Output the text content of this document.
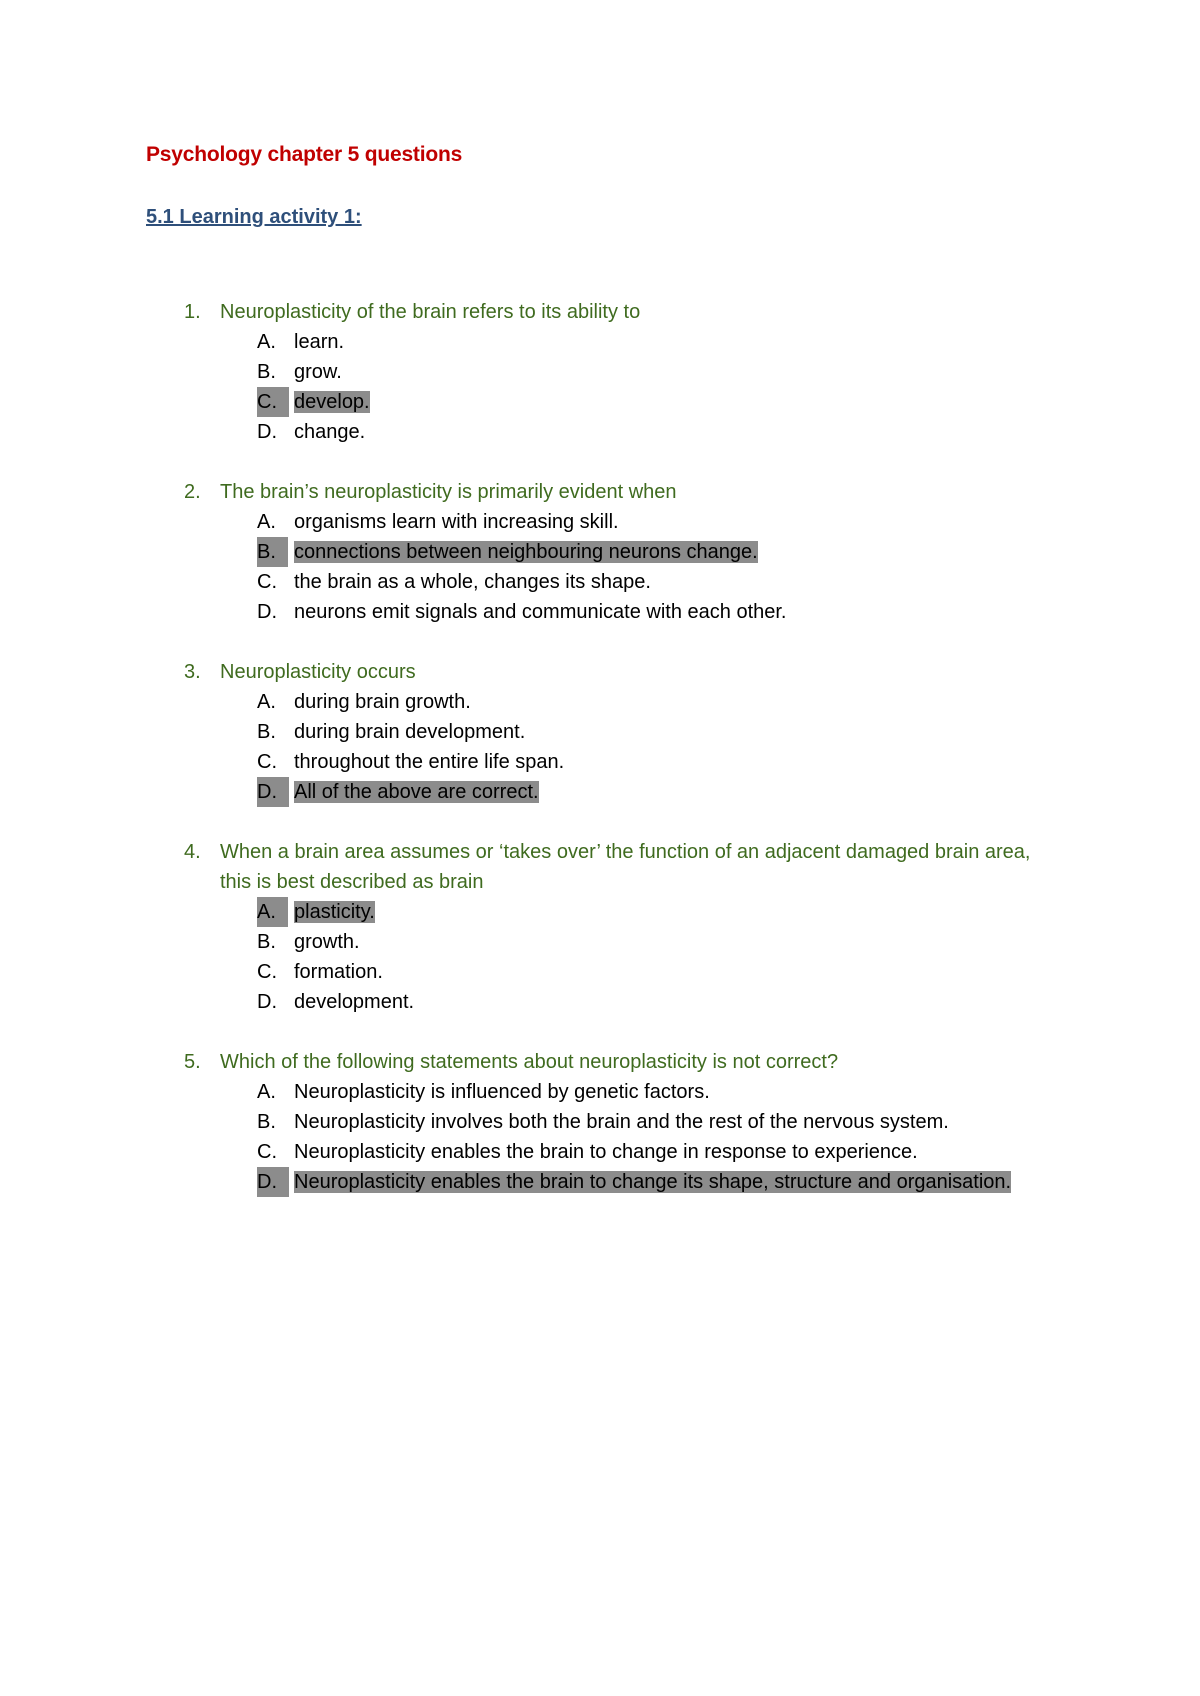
Psychology chapter 5 questions
5.1 Learning activity 1:
1. Neuroplasticity of the brain refers to its ability to
A. learn.
B. grow.
C. develop.
D. change.
2. The brain’s neuroplasticity is primarily evident when
A. organisms learn with increasing skill.
B. connections between neighbouring neurons change.
C. the brain as a whole, changes its shape.
D. neurons emit signals and communicate with each other.
3. Neuroplasticity occurs
A. during brain growth.
B. during brain development.
C. throughout the entire life span.
D. All of the above are correct.
4. When a brain area assumes or ‘takes over’ the function of an adjacent damaged brain area, this is best described as brain
A. plasticity.
B. growth.
C. formation.
D. development.
5. Which of the following statements about neuroplasticity is not correct?
A. Neuroplasticity is influenced by genetic factors.
B. Neuroplasticity involves both the brain and the rest of the nervous system.
C. Neuroplasticity enables the brain to change in response to experience.
D. Neuroplasticity enables the brain to change its shape, structure and organisation.
